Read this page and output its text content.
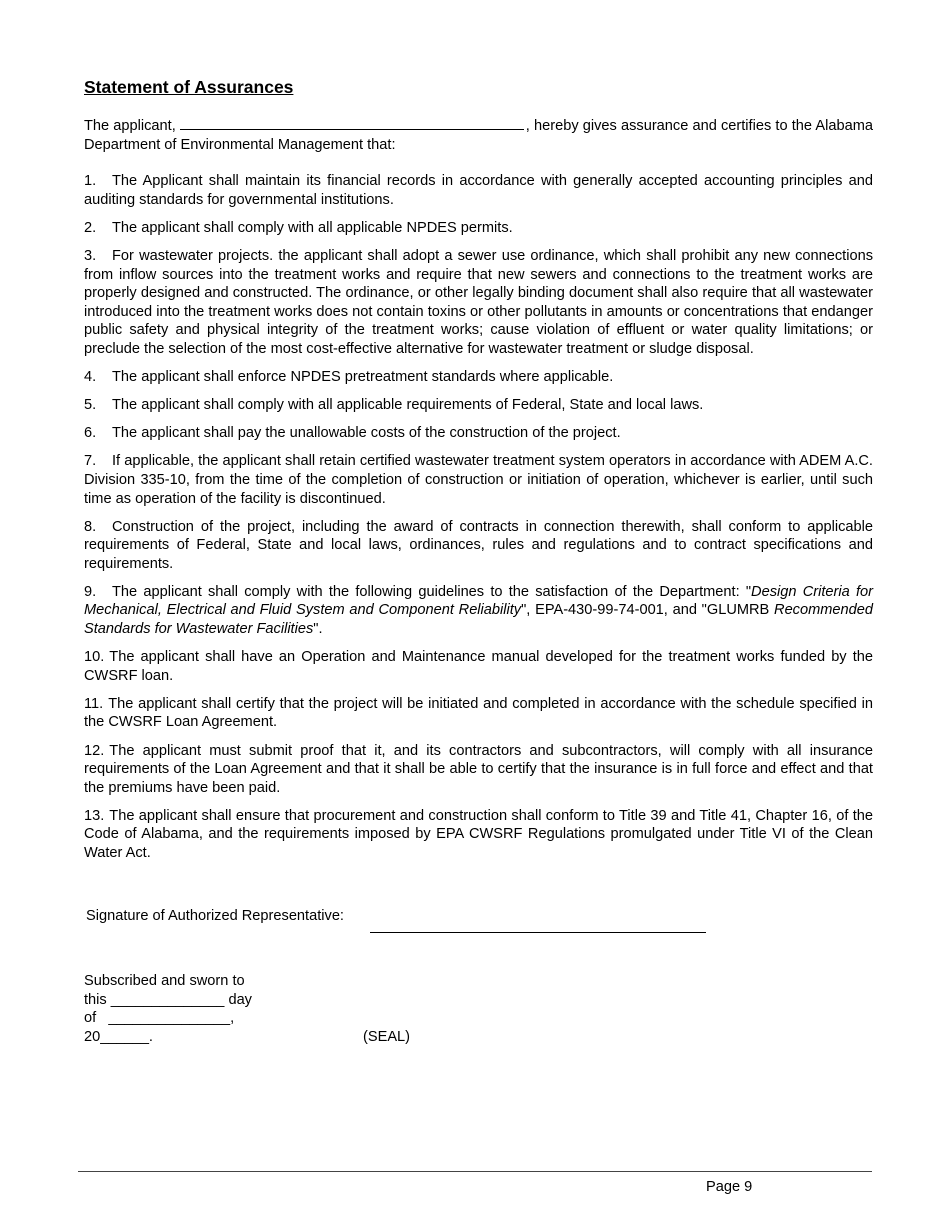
Statement of Assurances

The applicant,	, hereby gives assurance and certifies to the Alabama Department of Environmental Management that:

1. The Applicant shall maintain its financial records in accordance with generally accepted accounting principles and auditing standards for governmental institutions.

2. The applicant shall comply with all applicable NPDES permits.

3. For wastewater projects. the applicant shall adopt a sewer use ordinance, which shall prohibit any new connections from inflow sources into the treatment works and require that new sewers and connections to the treatment works are properly designed and constructed. The ordinance, or other legally binding document shall also require that all wastewater introduced into the treatment works does not contain toxins or other pollutants in amounts or concentrations that endanger public safety and physical integrity of the treatment works; cause violation of effluent or water quality limitations; or preclude the selection of the most cost-effective alternative for wastewater treatment or sludge disposal.

4. The applicant shall enforce NPDES pretreatment standards where applicable.

5. The applicant shall comply with all applicable requirements of Federal, State and local laws.

6. The applicant shall pay the unallowable costs of the construction of the project.

7. If applicable, the applicant shall retain certified wastewater treatment system operators in accordance with ADEM A.C. Division 335-10, from the time of the completion of construction or initiation of operation, whichever is earlier, until such time as operation of the facility is discontinued.

8. Construction of the project, including the award of contracts in connection therewith, shall conform to applicable requirements of Federal, State and local laws, ordinances, rules and regulations and to contract specifications and requirements.

9. The applicant shall comply with the following guidelines to the satisfaction of the Department: "Design Criteria for Mechanical, Electrical and Fluid System and Component Reliability", EPA-430-99-74-001, and "GLUMRB Recommended Standards for Wastewater Facilities".

10. The applicant shall have an Operation and Maintenance manual developed for the treatment works funded by the CWSRF loan.

11. The applicant shall certify that the project will be initiated and completed in accordance with the schedule specified in the CWSRF Loan Agreement.

12. The applicant must submit proof that it, and its contractors and subcontractors, will comply with all insurance requirements of the Loan Agreement and that it shall be able to certify that the insurance is in full force and effect and that the premiums have been paid.

13. The applicant shall ensure that procurement and construction shall conform to Title 39 and Title 41, Chapter 16, of the Code of Alabama, and the requirements imposed by EPA CWSRF Regulations promulgated under Title VI of the Clean Water Act.

Signature of Authorized Representative:
Subscribed and sworn to
this ______________ day
of   _______________,
20______.	(SEAL)
Page 9
